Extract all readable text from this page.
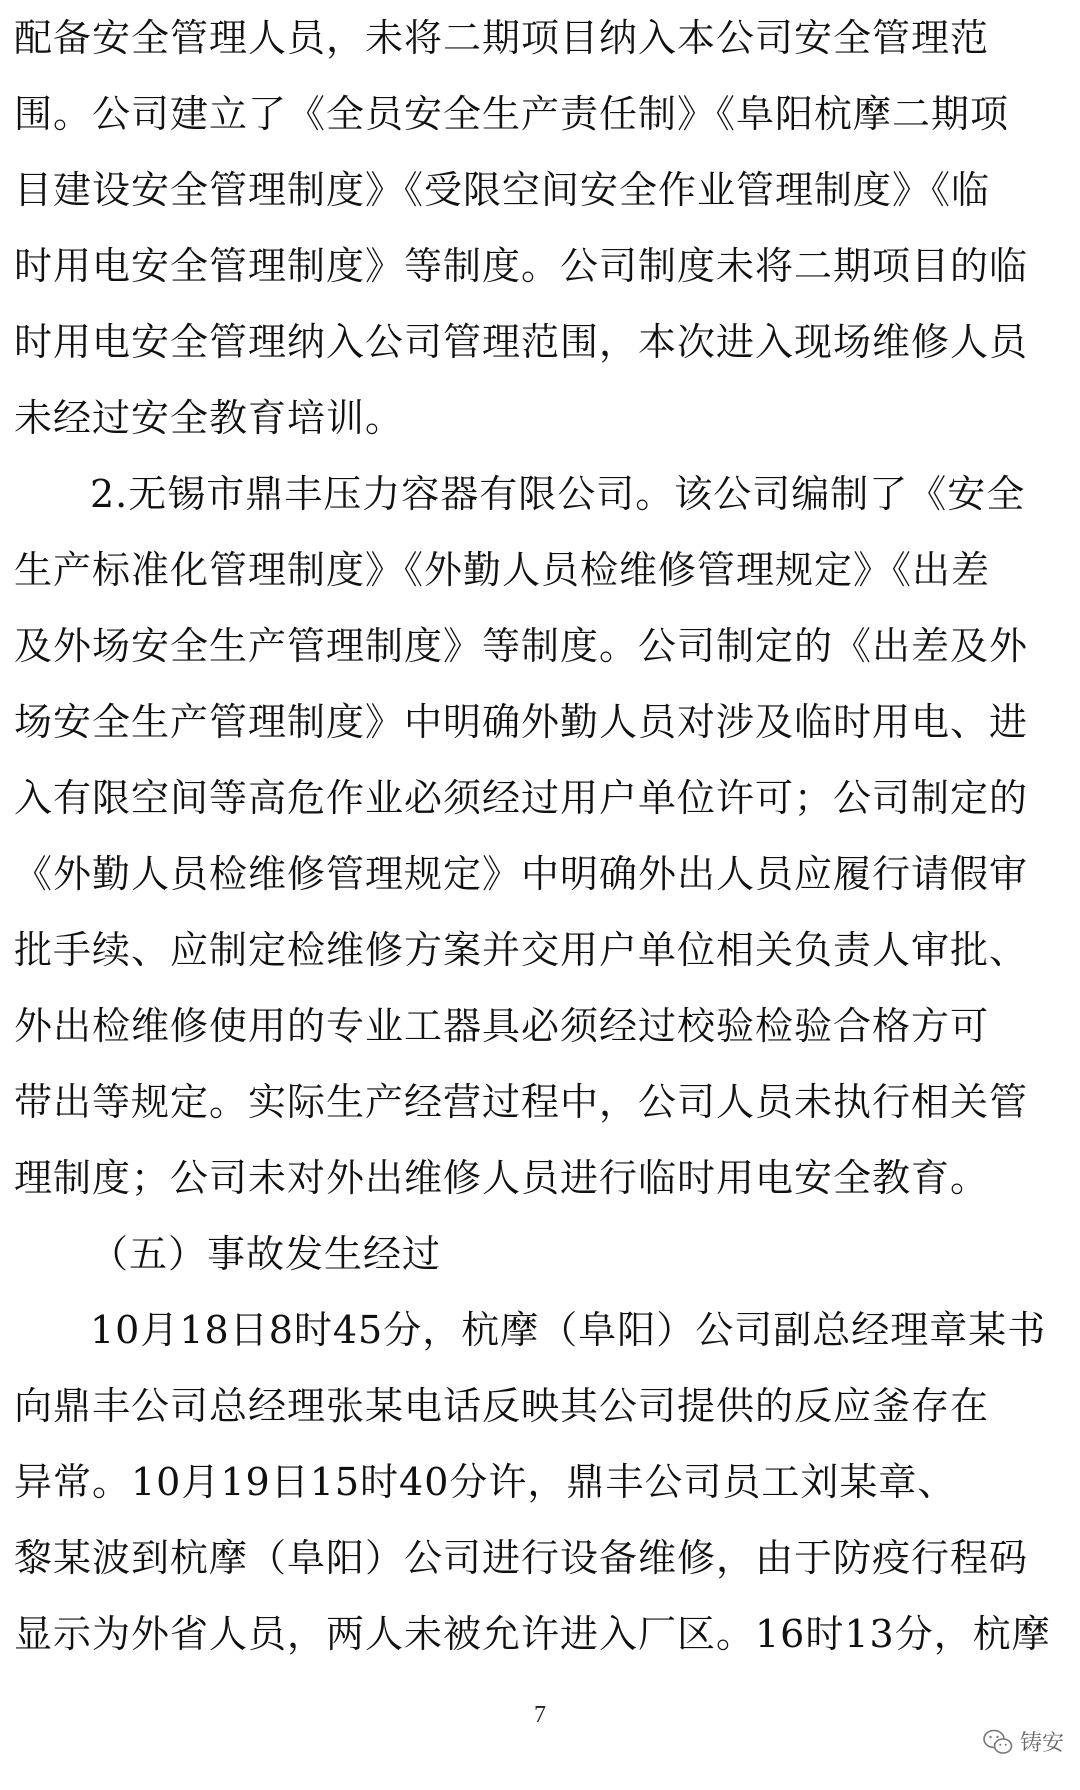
配备安全管理人员，未将二期项目纳入本公司安全管理范
围。公司建立了《全员安全生产责任制》《阜阳杭摩二期项
目建设安全管理制度》《受限空间安全作业管理制度》《临
时用电安全管理制度》等制度。公司制度未将二期项目的临
时用电安全管理纳入公司管理范围，本次进入现场维修人员
未经过安全教育培训。

2.无锡市鼎丰压力容器有限公司。该公司编制了《安全
生产标准化管理制度》《外勤人员检维修管理规定》《出差
及外场安全生产管理制度》等制度。公司制定的《出差及外
场安全生产管理制度》中明确外勤人员对涉及临时用电、进
入有限空间等高危作业必须经过用户单位许可；公司制定的
《外勤人员检维修管理规定》中明确外出人员应履行请假审
批手续、应制定检维修方案并交用户单位相关负责人审批、
外出检维修使用的专业工器具必须经过校验检验合格方可
带出等规定。实际生产经营过程中，公司人员未执行相关管
理制度；公司未对外出维修人员进行临时用电安全教育。

（五）事故发生经过

10月18日8时45分，杭摩（阜阳）公司副总经理章某书
向鼎丰公司总经理张某电话反映其公司提供的反应釜存在
异常。10月19日15时40分许，鼎丰公司员工刘某章、
黎某波到杭摩（阜阳）公司进行设备维修，由于防疫行程码
显示为外省人员，两人未被允许进入厂区。16时13分，杭摩

7
铸安
